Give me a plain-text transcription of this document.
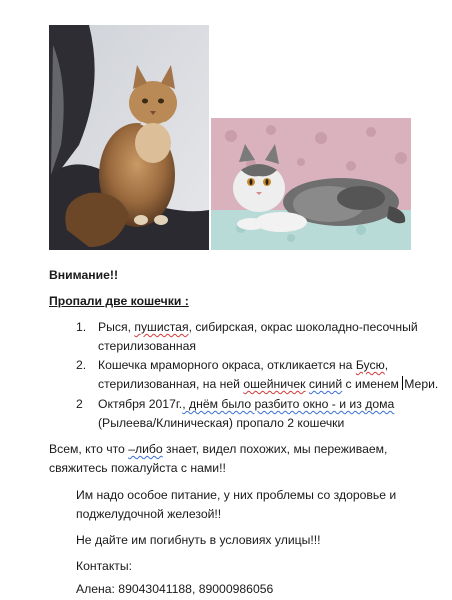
Внимание!!
Пропали две кошечки :
1. Рыся, пушистая, сибирская, окрас шоколадно-песочный
стерилизованная
2. Кошечка мраморного окраса, откликается на Бусю,
стерилизованная, на ней ошейничек синий с именем Мери.
2 Октября 2017г., днём было разбито окно - и из дома
(Рылеева/Клиническая) пропало 2 кошечки
Всем, кто что –либо знает, видел похожих, мы переживаем,
свяжитесь пожалуйста с нами!!
Им надо особое питание, у них проблемы со здоровье и
поджелудочной железой!!
Не дайте им погибнуть в условиях улицы!!!
Контакты:
Алена: 89043041188, 89000986056
